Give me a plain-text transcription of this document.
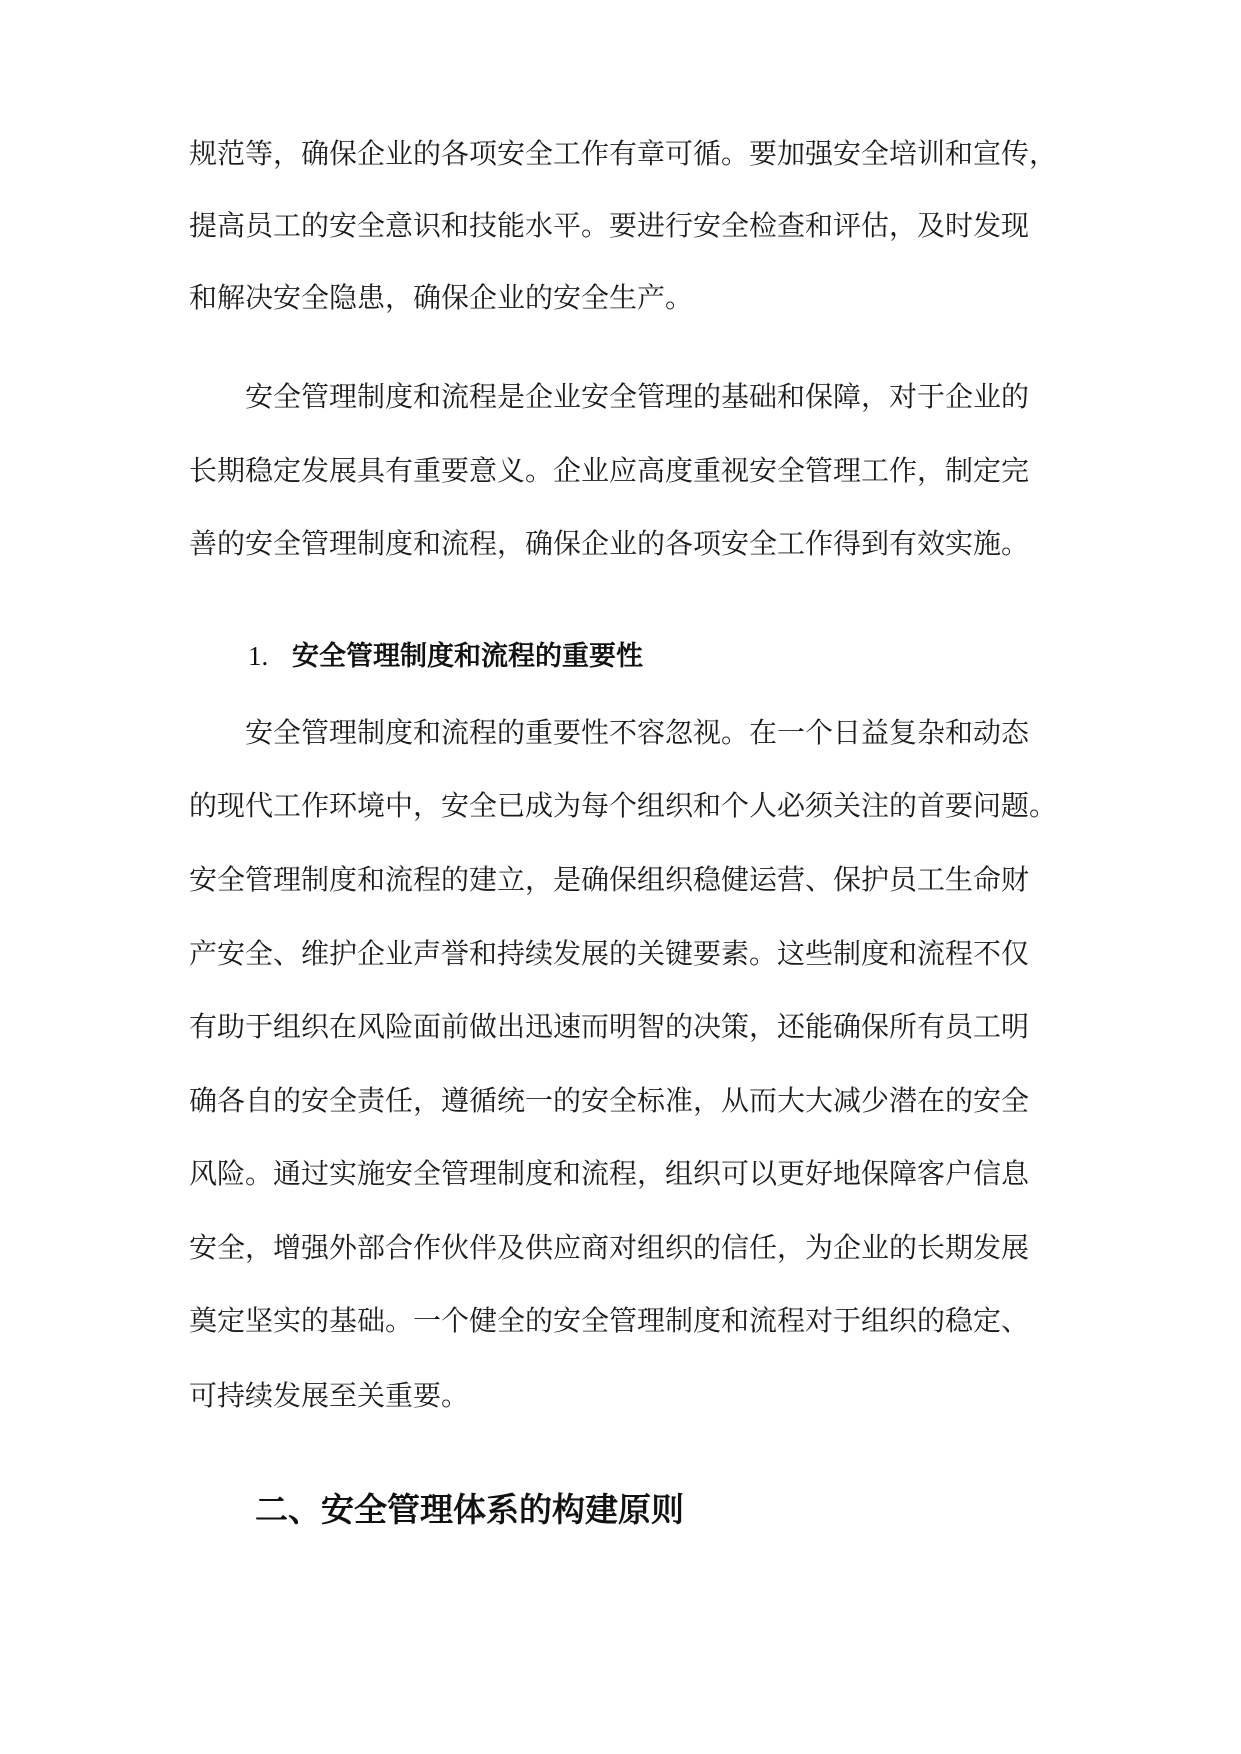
规范等，确保企业的各项安全工作有章可循。要加强安全培训和宣传，
提高员工的安全意识和技能水平。要进行安全检查和评估，及时发现
和解决安全隐患，确保企业的安全生产。
安全管理制度和流程是企业安全管理的基础和保障，对于企业的
长期稳定发展具有重要意义。企业应高度重视安全管理工作，制定完
善的安全管理制度和流程，确保企业的各项安全工作得到有效实施。
1. 安全管理制度和流程的重要性
安全管理制度和流程的重要性不容忽视。在一个日益复杂和动态
的现代工作环境中，安全已成为每个组织和个人必须关注的首要问题。
安全管理制度和流程的建立，是确保组织稳健运营、保护员工生命财
产安全、维护企业声誉和持续发展的关键要素。这些制度和流程不仅
有助于组织在风险面前做出迅速而明智的决策，还能确保所有员工明
确各自的安全责任，遵循统一的安全标准，从而大大减少潜在的安全
风险。通过实施安全管理制度和流程，组织可以更好地保障客户信息
安全，增强外部合作伙伴及供应商对组织的信任，为企业的长期发展
奠定坚实的基础。一个健全的安全管理制度和流程对于组织的稳定、
可持续发展至关重要。
二、安全管理体系的构建原则
